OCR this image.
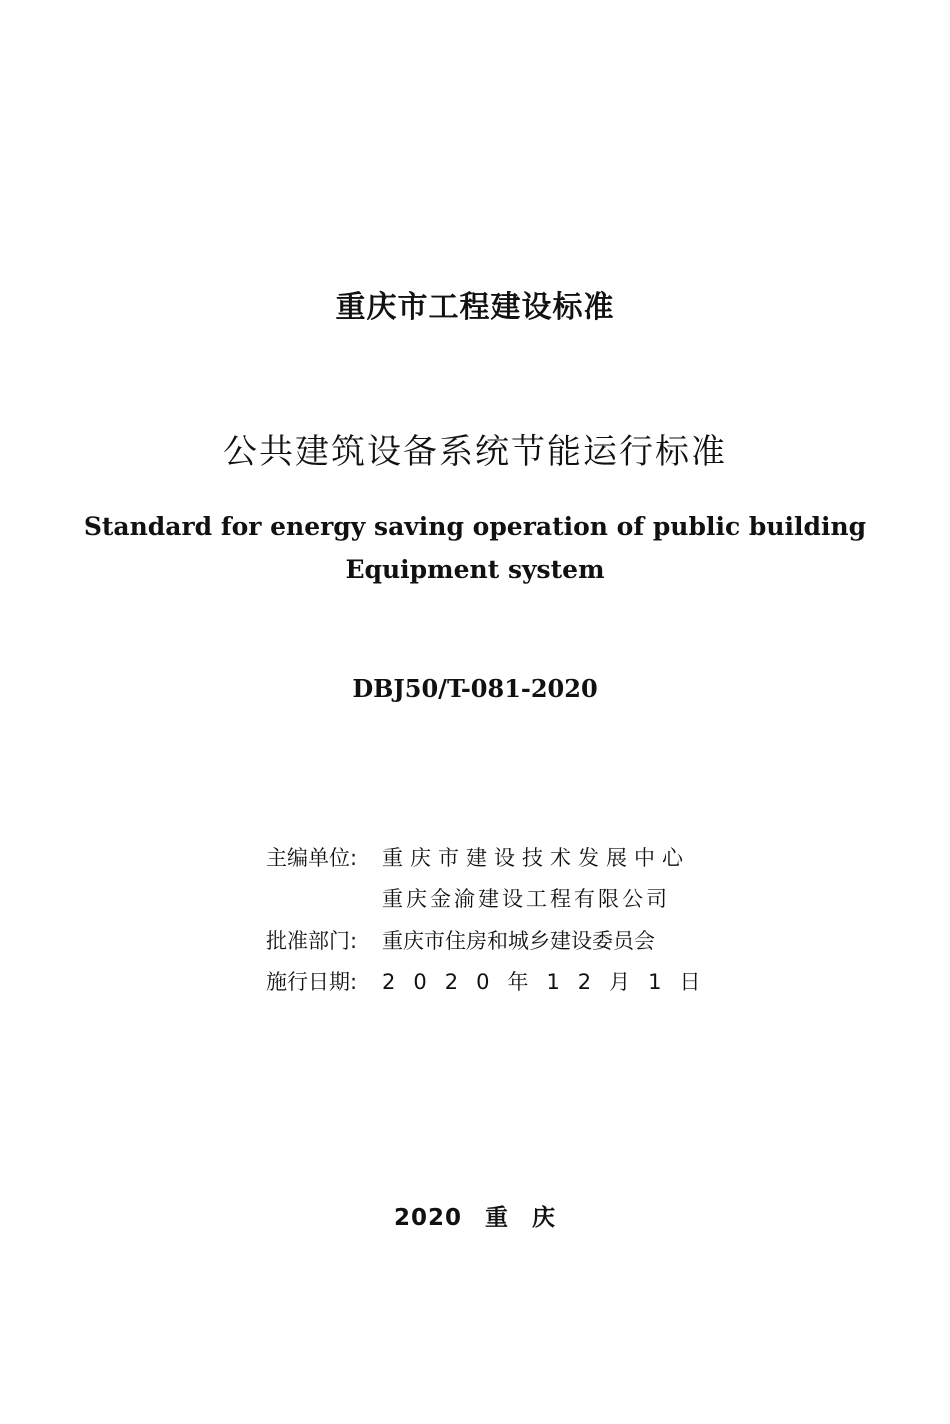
重庆市工程建设标准
公共建筑设备系统节能运行标准
Standard for energy saving operation of public building
Equipment system
DBJ50/T-081-2020
主编单位: 重庆市建设技术发展中心
重庆金渝建设工程有限公司
批准部门: 重庆市住房和城乡建设委员会
施行日期: 2020年12月1日
2020 重 庆
